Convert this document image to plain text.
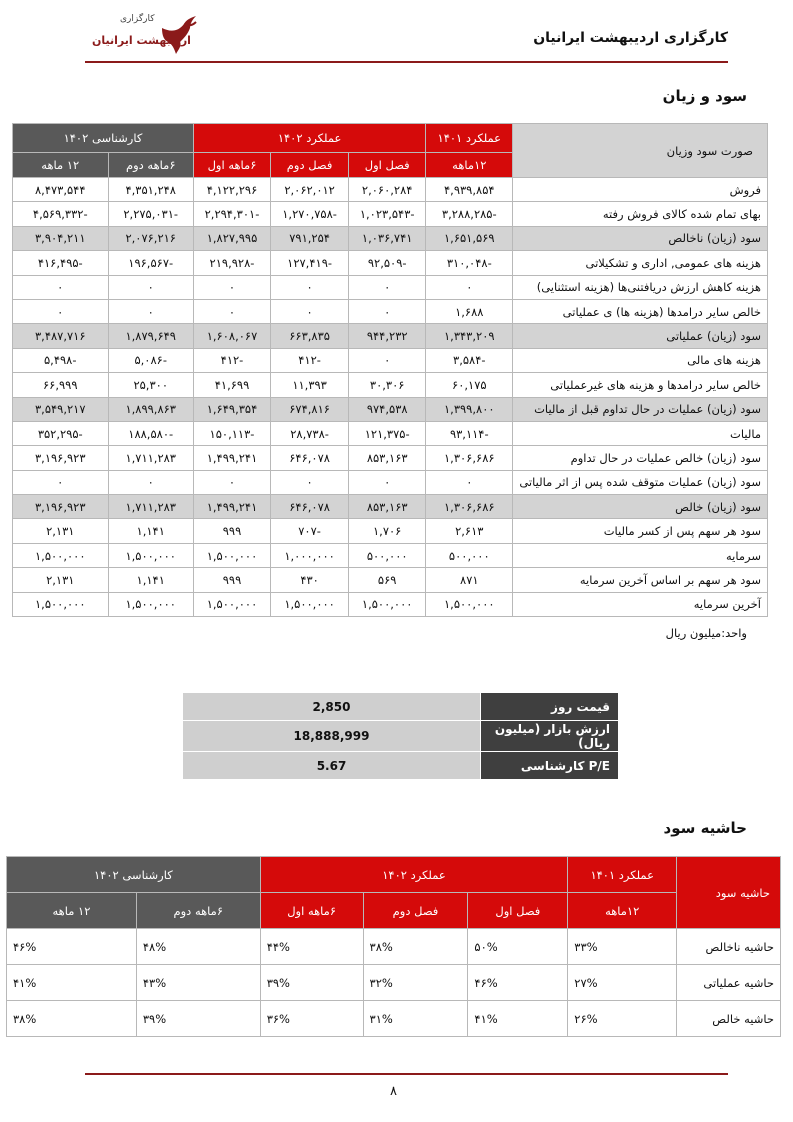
کارگزاری
اردیبهشت ایرانیان	کارگزاری اردیبهشت ایرانیان
سود و زیان
صورت سود وزیان	عملکرد ۱۴۰۱	عملکرد ۱۴۰۲			کارشناسی ۱۴۰۲	
	۱۲ماهه	فصل اول	فصل دوم	۶ماهه اول	۶ماهه دوم	۱۲ ماهه
فروش	۴,۹۳۹,۸۵۴	۲,۰۶۰,۲۸۴	۲,۰۶۲,۰۱۲	۴,۱۲۲,۲۹۶	۴,۳۵۱,۲۴۸	۸,۴۷۳,۵۴۴
بهای تمام شده کالای فروش رفته	-۳,۲۸۸,۲۸۵	-۱,۰۲۳,۵۴۳	-۱,۲۷۰,۷۵۸	-۲,۲۹۴,۳۰۱	-۲,۲۷۵,۰۳۱	-۴,۵۶۹,۳۳۲
سود (زیان) ناخالص	۱,۶۵۱,۵۶۹	۱,۰۳۶,۷۴۱	۷۹۱,۲۵۴	۱,۸۲۷,۹۹۵	۲,۰۷۶,۲۱۶	۳,۹۰۴,۲۱۱
هزینه های عمومی, اداری و تشکیلاتی	-۳۱۰,۰۴۸	-۹۲,۵۰۹	-۱۲۷,۴۱۹	-۲۱۹,۹۲۸	-۱۹۶,۵۶۷	-۴۱۶,۴۹۵
هزینه کاهش ارزش دریافتنی‌ها (هزینه استثنایی)	۰	۰	۰	۰	۰	۰
خالص سایر درامدها (هزینه ها) ی عملیاتی	۱,۶۸۸	۰	۰	۰	۰	۰
سود (زیان) عملیاتی	۱,۳۴۳,۲۰۹	۹۴۴,۲۳۲	۶۶۳,۸۳۵	۱,۶۰۸,۰۶۷	۱,۸۷۹,۶۴۹	۳,۴۸۷,۷۱۶
هزینه های مالی	-۳,۵۸۴	۰	-۴۱۲	-۴۱۲	-۵,۰۸۶	-۵,۴۹۸
خالص سایر درامدها و هزینه های غیرعملیاتی	۶۰,۱۷۵	۳۰,۳۰۶	۱۱,۳۹۳	۴۱,۶۹۹	۲۵,۳۰۰	۶۶,۹۹۹
سود (زیان) عملیات در حال تداوم قبل از مالیات	۱,۳۹۹,۸۰۰	۹۷۴,۵۳۸	۶۷۴,۸۱۶	۱,۶۴۹,۳۵۴	۱,۸۹۹,۸۶۳	۳,۵۴۹,۲۱۷
مالیات	-۹۳,۱۱۴	-۱۲۱,۳۷۵	-۲۸,۷۳۸	-۱۵۰,۱۱۳	-۱۸۸,۵۸۰	-۳۵۲,۲۹۵
سود (زیان) خالص عملیات در حال تداوم	۱,۳۰۶,۶۸۶	۸۵۳,۱۶۳	۶۴۶,۰۷۸	۱,۴۹۹,۲۴۱	۱,۷۱۱,۲۸۳	۳,۱۹۶,۹۲۳
سود (زیان) عملیات متوقف شده پس از اثر مالیاتی	۰	۰	۰	۰	۰	۰
سود (زیان) خالص	۱,۳۰۶,۶۸۶	۸۵۳,۱۶۳	۶۴۶,۰۷۸	۱,۴۹۹,۲۴۱	۱,۷۱۱,۲۸۳	۳,۱۹۶,۹۲۳
سود هر سهم پس از کسر مالیات	۲,۶۱۳	۱,۷۰۶	-۷۰۷	۹۹۹	۱,۱۴۱	۲,۱۳۱
سرمایه	۵۰۰,۰۰۰	۵۰۰,۰۰۰	۱,۰۰۰,۰۰۰	۱,۵۰۰,۰۰۰	۱,۵۰۰,۰۰۰	۱,۵۰۰,۰۰۰
سود هر سهم بر اساس آخرین سرمایه	۸۷۱	۵۶۹	۴۳۰	۹۹۹	۱,۱۴۱	۲,۱۳۱
آخرین سرمایه	۱,۵۰۰,۰۰۰	۱,۵۰۰,۰۰۰	۱,۵۰۰,۰۰۰	۱,۵۰۰,۰۰۰	۱,۵۰۰,۰۰۰	۱,۵۰۰,۰۰۰
واحد:میلیون ریال
قیمت روز	2,850
ارزش بازار (میلیون ریال)	18,888,999
P/E کارشناسی	5.67
حاشیه سود
حاشیه سود	عملکرد ۱۴۰۱	عملکرد ۱۴۰۲			کارشناسی ۱۴۰۲	
	۱۲ماهه	فصل اول	فصل دوم	۶ماهه اول	۶ماهه دوم	۱۲ ماهه
حاشیه ناخالص	۳۳%	۵۰%	۳۸%	۴۴%	۴۸%	۴۶%
حاشیه عملیاتی	۲۷%	۴۶%	۳۲%	۳۹%	۴۳%	۴۱%
حاشیه خالص	۲۶%	۴۱%	۳۱%	۳۶%	۳۹%	۳۸%
۸
